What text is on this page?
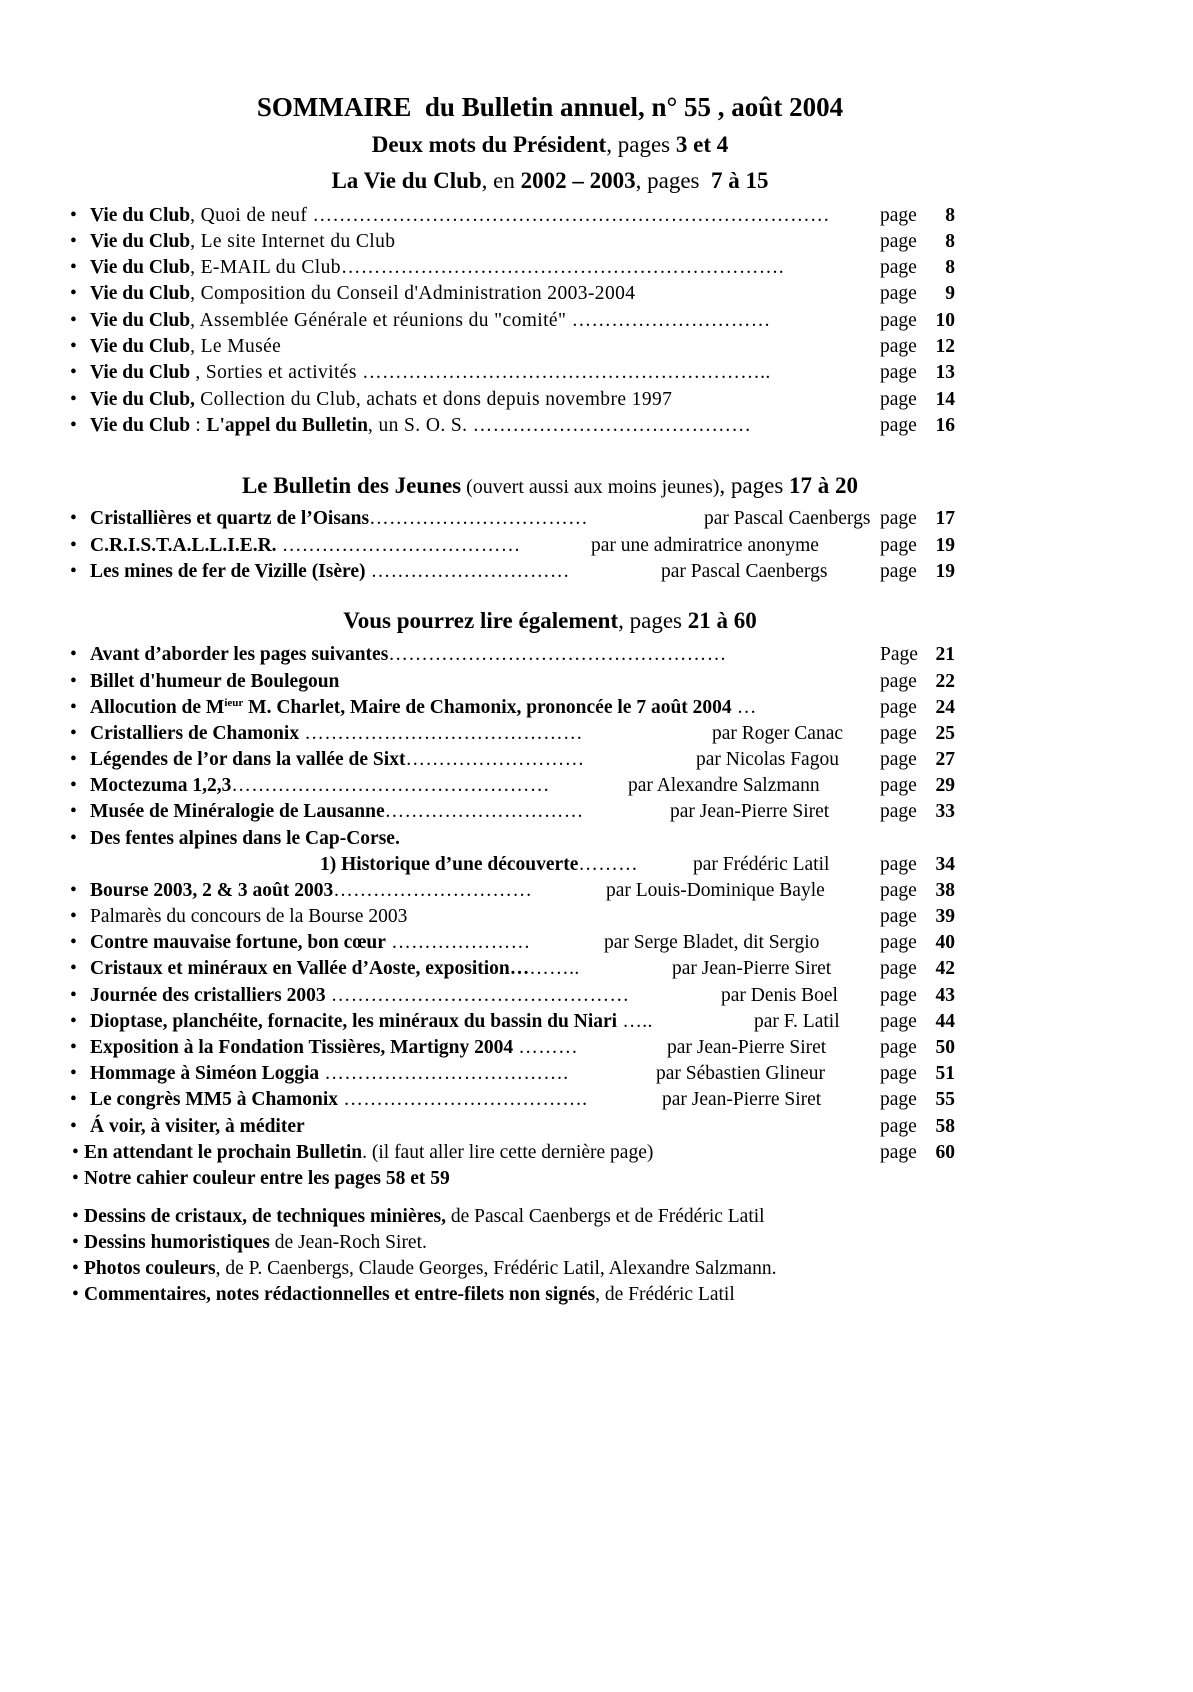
SOMMAIRE du Bulletin annuel, n° 55 , août 2004
Deux mots du Président, pages 3 et 4
La Vie du Club, en 2002 – 2003, pages  7 à 15
• Vie du Club, Quoi de neuf ……………………………………………………………………	page 8
• Vie du Club, Le site Internet du Club	page 8
• Vie du Club, E-MAIL du Club………………………………………………………….	page 8
• Vie du Club, Composition du Conseil d'Administration 2003-2004	page 9
• Vie du Club, Assemblée Générale et réunions du "comité" …………………………	page 10
• Vie du Club, Le Musée	page 12
• Vie du Club , Sorties et activités ……………………………………………………..	page 13
• Vie du Club, Collection du Club, achats et dons depuis novembre 1997	page 14
• Vie du Club : L'appel du Bulletin, un S. O. S. ……………………………………	page 16
Le Bulletin des Jeunes (ouvert aussi aux moins jeunes), pages 17 à 20
• Cristallières et quartz de l’Oisans……………………………	par Pascal Caenbergs page 17
• C.R.I.S.T.A.L.L.I.E.R. ………………………………	par une admiratrice anonyme	page 19
• Les mines de fer de Vizille (Isère) …………………………	par Pascal Caenbergs	page 19
Vous pourrez lire également, pages 21 à 60
• Avant d’aborder les pages suivantes……………………………………………	Page 21
• Billet d'humeur de Boulegoun	page 22
• Allocution de $M^{ieur}$ M. Charlet, Maire de Chamonix, prononcée le 7 août 2004 …	page 24
• Cristalliers de Chamonix ……………………………………	par Roger Canac page 25
• Légendes de l’or dans la vallée de Sixt………………………	par Nicolas Fagou page 27
• Moctezuma 1,2,3…………………………………………	par Alexandre Salzmann	page 29
• Musée de Minéralogie de Lausanne…………………………	par Jean-Pierre Siret	page 33
• Des fentes alpines dans le Cap-Corse.
1) Historique d’une découverte………	par Frédéric Latil	page 34
• Bourse 2003, 2 & 3 août 2003…………………………	par Louis-Dominique Bayle	page 38
• Palmarès du concours de la Bourse 2003	page 39
• Contre mauvaise fortune, bon cœur …………………	par Serge Bladet, dit Sergio	page 40
• Cristaux et minéraux en Vallée d’Aoste, exposition………..	par Jean-Pierre Siret	page 42
• Journée des cristalliers 2003 ………………………………………	par Denis Boel page 43
• Dioptase, planchéite, fornacite, les minéraux du bassin du Niari …..	par F. Latil page 44
• Exposition à la Fondation Tissières, Martigny 2004 ………	par Jean-Pierre Siret	page 50
• Hommage à Siméon Loggia ……………………………….	par Sébastien Glineur	page 51
• Le congrès MM5 à Chamonix ……………………………….	par Jean-Pierre Siret	page 55
• Á voir, à visiter, à méditer	page 58
• En attendant le prochain Bulletin. (il faut aller lire cette dernière page)	page 60
• Notre cahier couleur entre les pages 58 et 59
• Dessins de cristaux, de techniques minières, de Pascal Caenbergs et de Frédéric Latil
• Dessins humoristiques de Jean-Roch Siret.
• Photos couleurs, de P. Caenbergs, Claude Georges, Frédéric Latil, Alexandre Salzmann.
• Commentaires, notes rédactionnelles et entre-filets non signés, de Frédéric Latil
